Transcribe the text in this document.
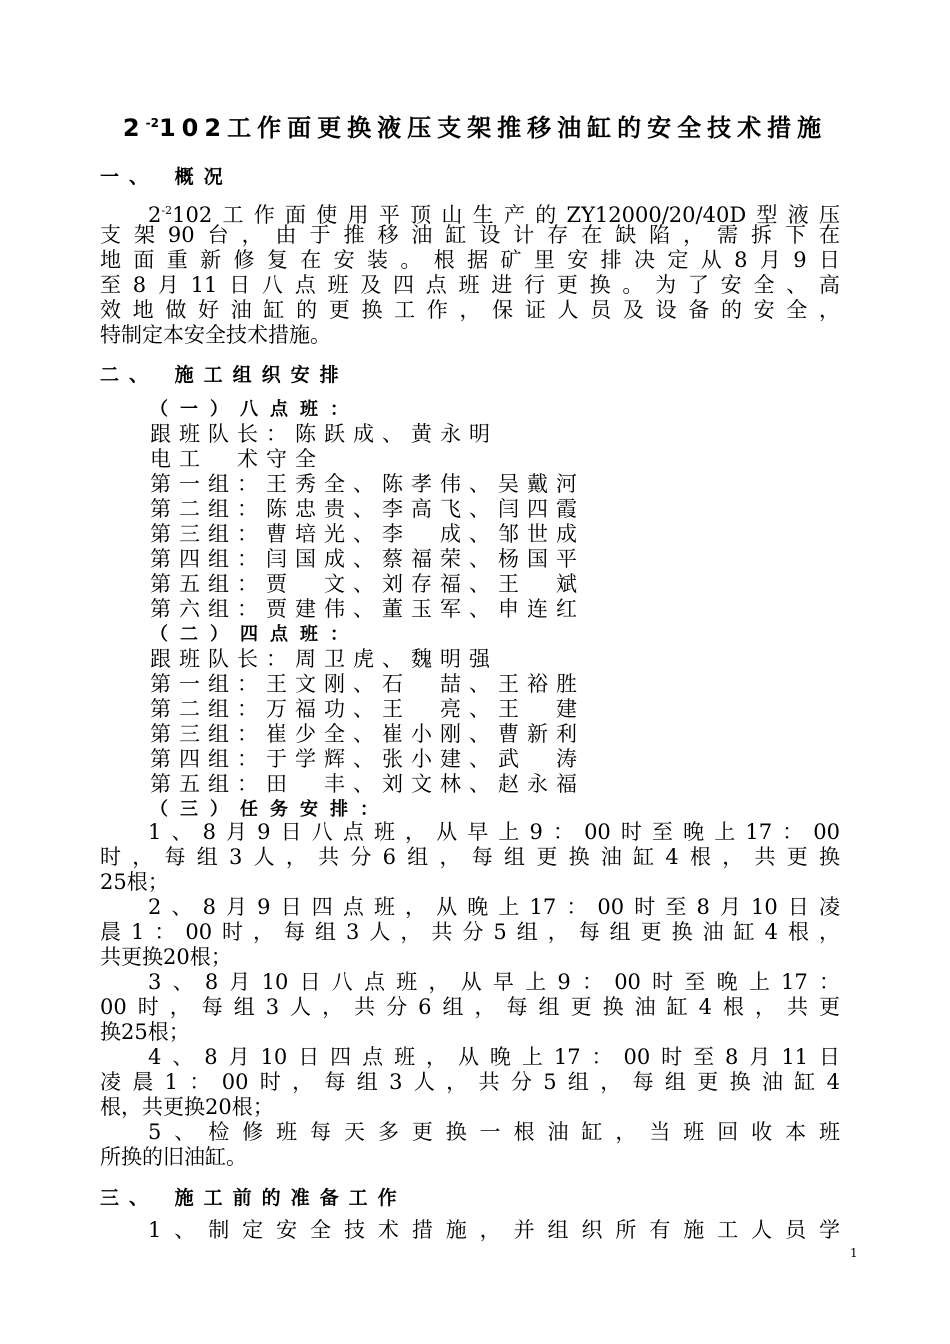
$2^{-2}102$工作面更换液压支架推移油缸的安全技术措施
一、 概况
$2^{-2}102$工作面使用平顶山生产的ZY12000/20/40D型液压
支架90台，由于推移油缸设计存在缺陷，需拆下在
地面重新修复在安装。根据矿里安排决定从8月9日
至8月11日八点班及四点班进行更换。为了安全、高
效地做好油缸的更换工作，保证人员及设备的安全，
特制定本安全技术措施。
二、 施工组织安排
（一）八点班：
跟班队长：陈跃成、黄永明
电工　术守全
第一组：王秀全、陈孝伟、吴戴河
第二组：陈忠贵、李高飞、闫四霞
第三组：曹培光、李　成、邹世成
第四组：闫国成、蔡福荣、杨国平
第五组：贾　文、刘存福、王　斌
第六组：贾建伟、董玉军、申连红
（二）四点班：
跟班队长：周卫虎、魏明强
第一组：王文刚、石　喆、王裕胜
第二组：万福功、王　亮、王　建
第三组：崔少全、崔小刚、曹新利
第四组：于学辉、张小建、武　涛
第五组：田　丰、刘文林、赵永福
（三）任务安排：
1、8月9日八点班，从早上9：00时至晚上17：00
时，每组3人，共分6组，每组更换油缸4根，共更换
25根；
2、8月9日四点班，从晚上17：00时至8月10日凌
晨1：00时，每组3人，共分5组，每组更换油缸4根，
共更换20根；
3、8月10日八点班，从早上9：00时至晚上17：
00时，每组3人，共分6组，每组更换油缸4根，共更
换25根；
4、8月10日四点班，从晚上17：00时至8月11日
凌晨1：00时，每组3人，共分5组，每组更换油缸4
根，共更换20根；
5、检修班每天多更换一根油缸，当班回收本班
所换的旧油缸。
三、 施工前的准备工作
1、制定安全技术措施，并组织所有施工人员学
1
